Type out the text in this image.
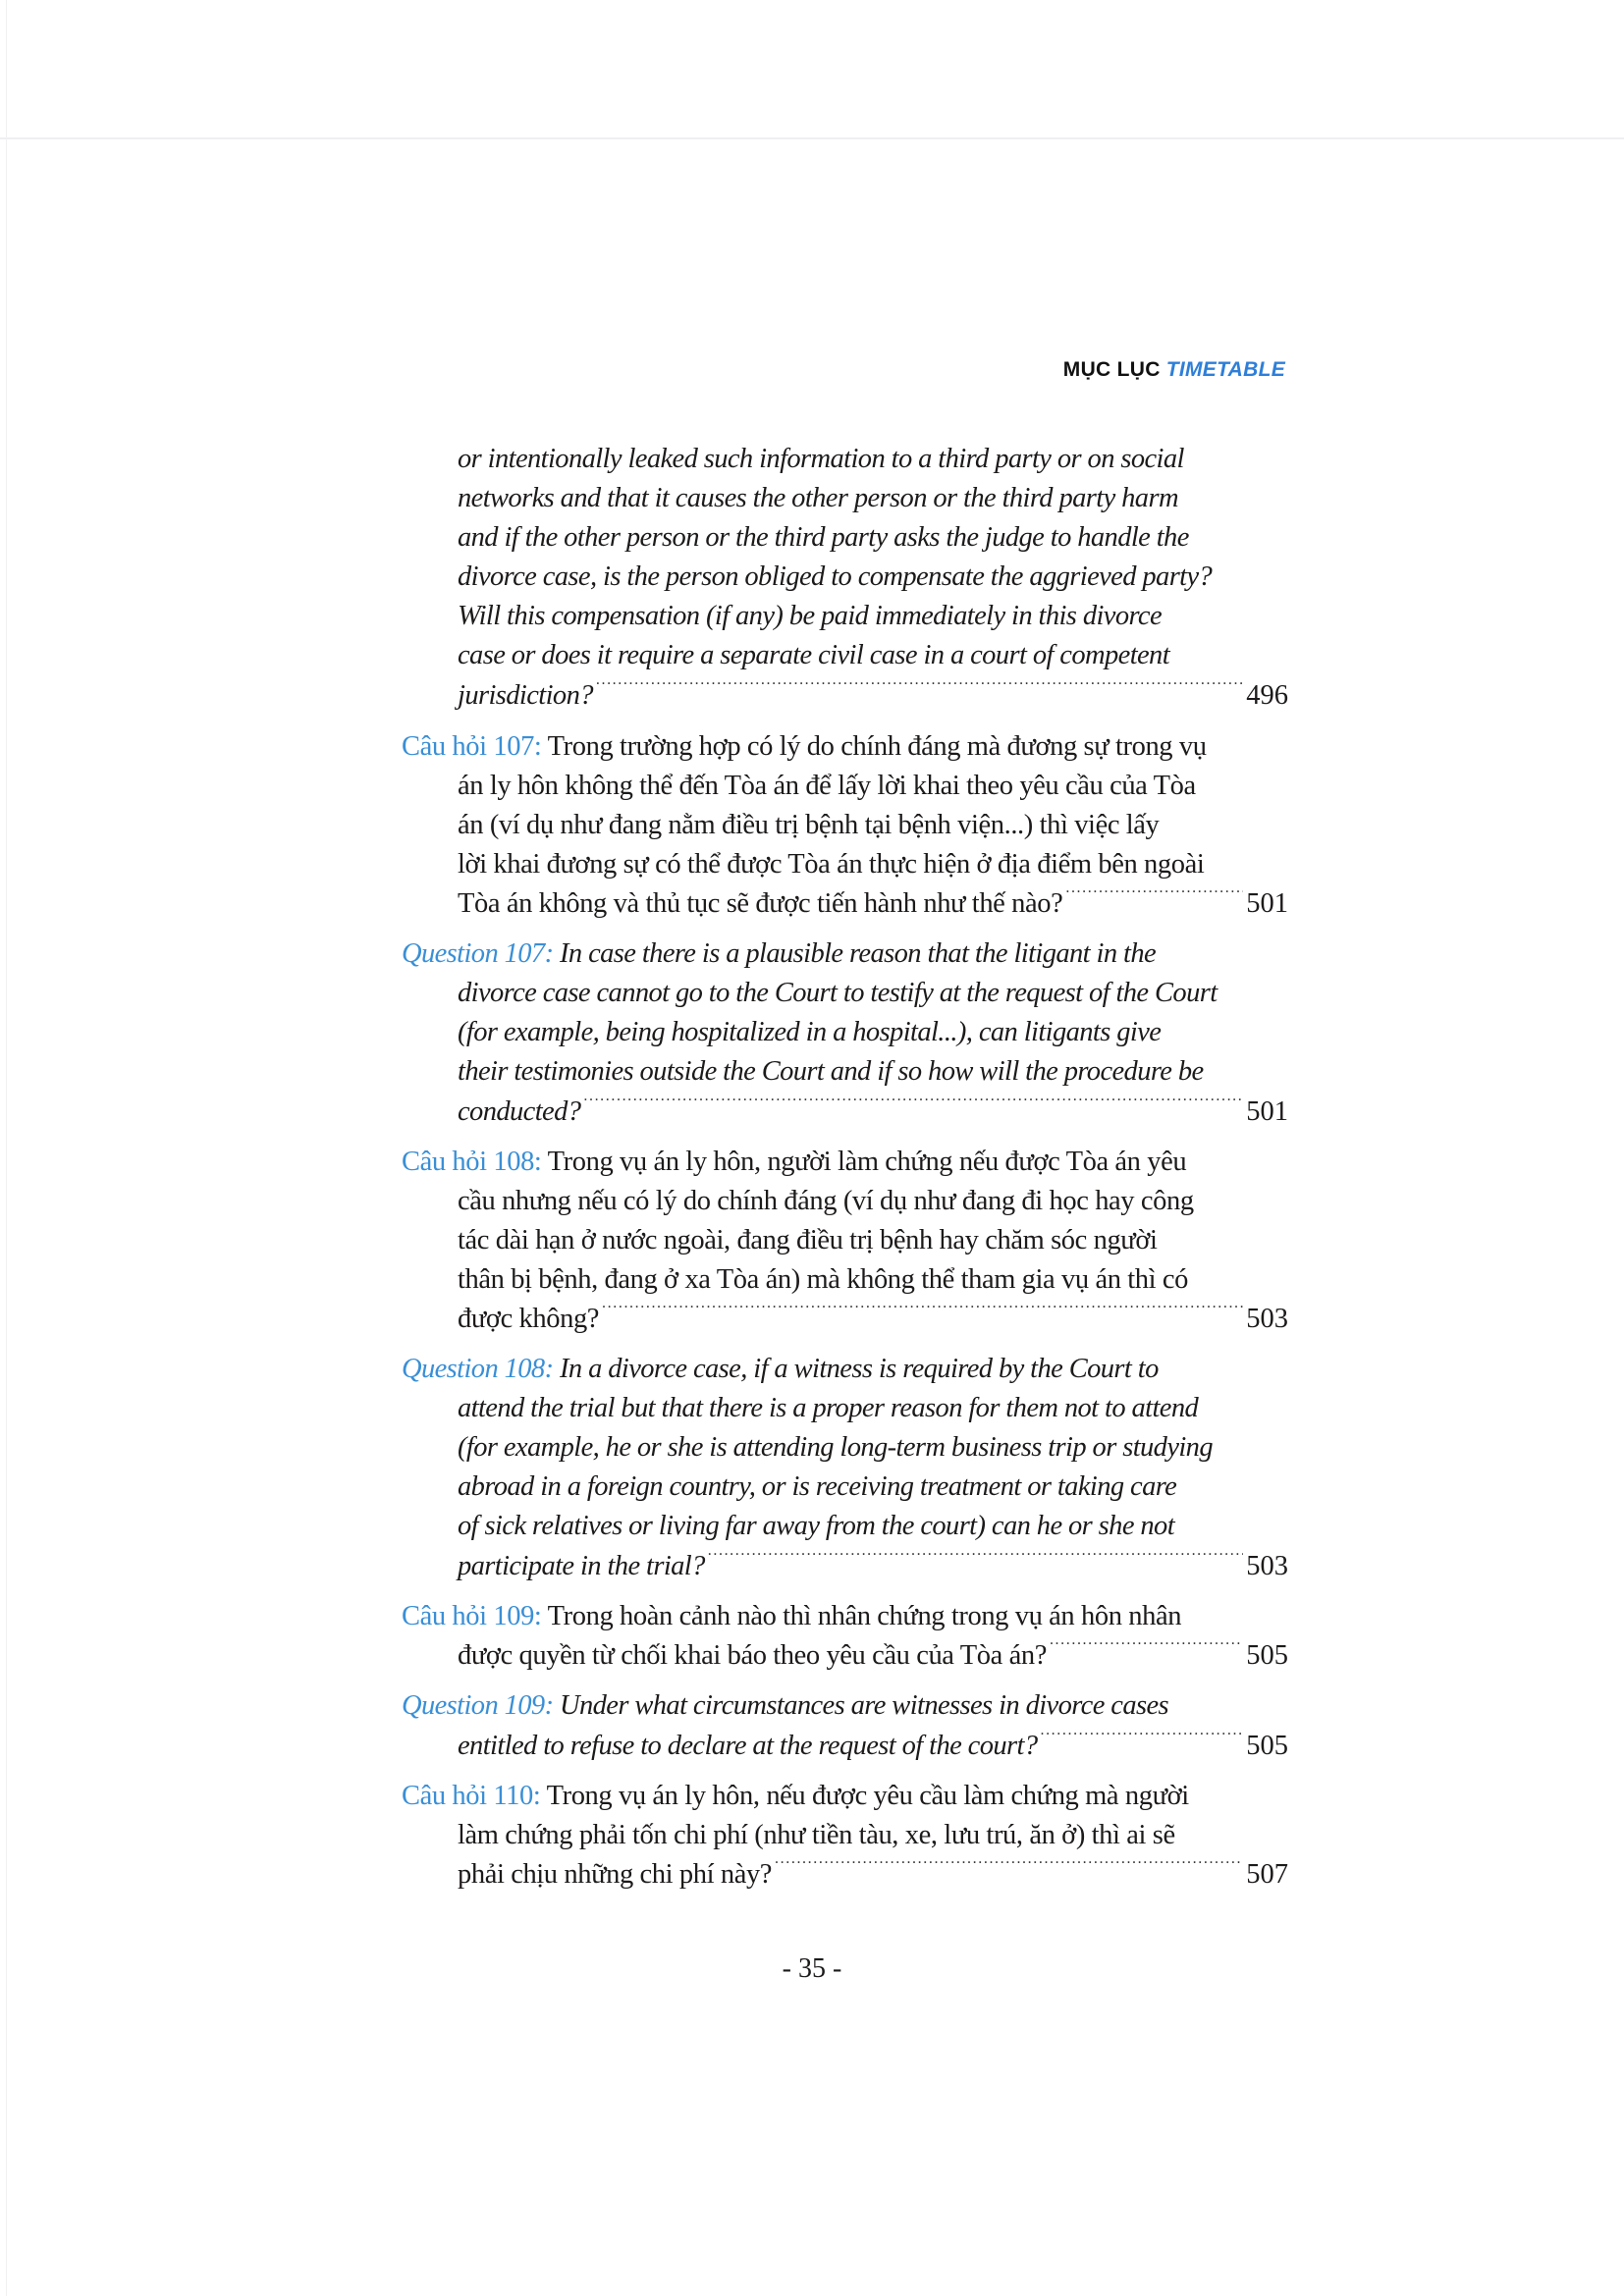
MỤC LỤC TIMETABLE
or intentionally leaked such information to a third party or on social
networks and that it causes the other person or the third party harm
and if the other person or the third party asks the judge to handle the
divorce case, is the person obliged to compensate the aggrieved party?
Will this compensation (if any) be paid immediately in this divorce
case or does it require a separate civil case in a court of competent
jurisdiction? .....	496
Câu hỏi 107: Trong trường hợp có lý do chính đáng mà đương sự trong vụ
án ly hôn không thể đến Tòa án để lấy lời khai theo yêu cầu của Tòa
án (ví dụ như đang nằm điều trị bệnh tại bệnh viện...) thì việc lấy
lời khai đương sự có thể được Tòa án thực hiện ở địa điểm bên ngoài
Tòa án không và thủ tục sẽ được tiến hành như thế nào? .....	501
Question 107: In case there is a plausible reason that the litigant in the
divorce case cannot go to the Court to testify at the request of the Court
(for example, being hospitalized in a hospital...), can litigants give
their testimonies outside the Court and if so how will the procedure be
conducted? .....	501
Câu hỏi 108: Trong vụ án ly hôn, người làm chứng nếu được Tòa án yêu
cầu nhưng nếu có lý do chính đáng (ví dụ như đang đi học hay công
tác dài hạn ở nước ngoài, đang điều trị bệnh hay chăm sóc người
thân bị bệnh, đang ở xa Tòa án) mà không thể tham gia vụ án thì có
được không? .....	503
Question 108: In a divorce case, if a witness is required by the Court to
attend the trial but that there is a proper reason for them not to attend
(for example, he or she is attending long-term business trip or studying
abroad in a foreign country, or is receiving treatment or taking care
of sick relatives or living far away from the court) can he or she not
participate in the trial? .....	503
Câu hỏi 109: Trong hoàn cảnh nào thì nhân chứng trong vụ án hôn nhân
được quyền từ chối khai báo theo yêu cầu của Tòa án? .....	505
Question 109: Under what circumstances are witnesses in divorce cases
entitled to refuse to declare at the request of the court? .....	505
Câu hỏi 110: Trong vụ án ly hôn, nếu được yêu cầu làm chứng mà người
làm chứng phải tốn chi phí (như tiền tàu, xe, lưu trú, ăn ở) thì ai sẽ
phải chịu những chi phí này? .....	507
- 35 -
